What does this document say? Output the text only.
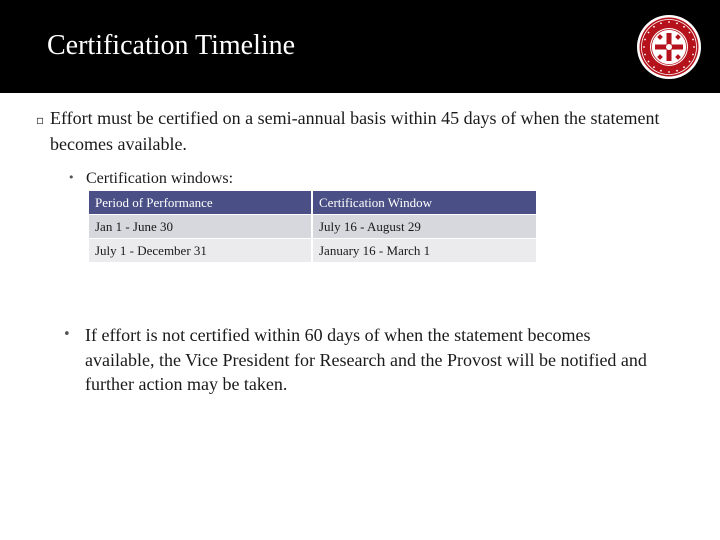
Certification Timeline
▫ Effort must be certified on a semi-annual basis within 45 days of when the statement becomes available.
• Certification windows:
Period of Performance	Certification Window
Jan 1 - June 30	July 16 - August 29
July 1 - December 31	January 16 - March 1
• If effort is not certified within 60 days of when the statement becomes available, the Vice President for Research and the Provost will be notified and further action may be taken.
